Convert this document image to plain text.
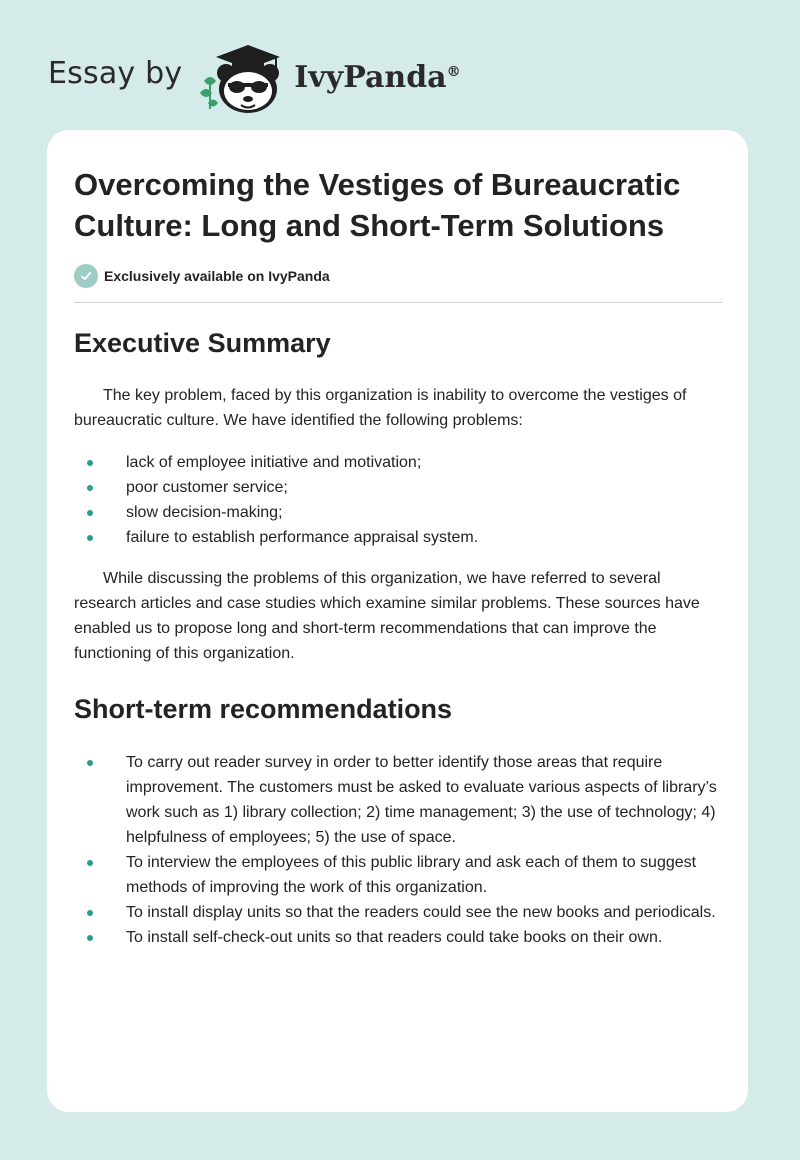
Essay by	IvyPanda®
Overcoming the Vestiges of Bureaucratic Culture: Long and Short-Term Solutions
Exclusively available on IvyPanda
Executive Summary

The key problem, faced by this organization is inability to overcome the vestiges of bureaucratic culture. We have identified the following problems:

lack of employee initiative and motivation;
poor customer service;
slow decision-making;
failure to establish performance appraisal system.

While discussing the problems of this organization, we have referred to several research articles and case studies which examine similar problems. These sources have enabled us to propose long and short-term recommendations that can improve the functioning of this organization.

Short-term recommendations
To carry out reader survey in order to better identify those areas that require improvement. The customers must be asked to evaluate various aspects of library’s work such as 1) library collection; 2) time management; 3) the use of technology; 4) helpfulness of employees; 5) the use of space.
To interview the employees of this public library and ask each of them to suggest methods of improving the work of this organization.
To install display units so that the readers could see the new books and periodicals.
To install self-check-out units so that readers could take books on their own.
